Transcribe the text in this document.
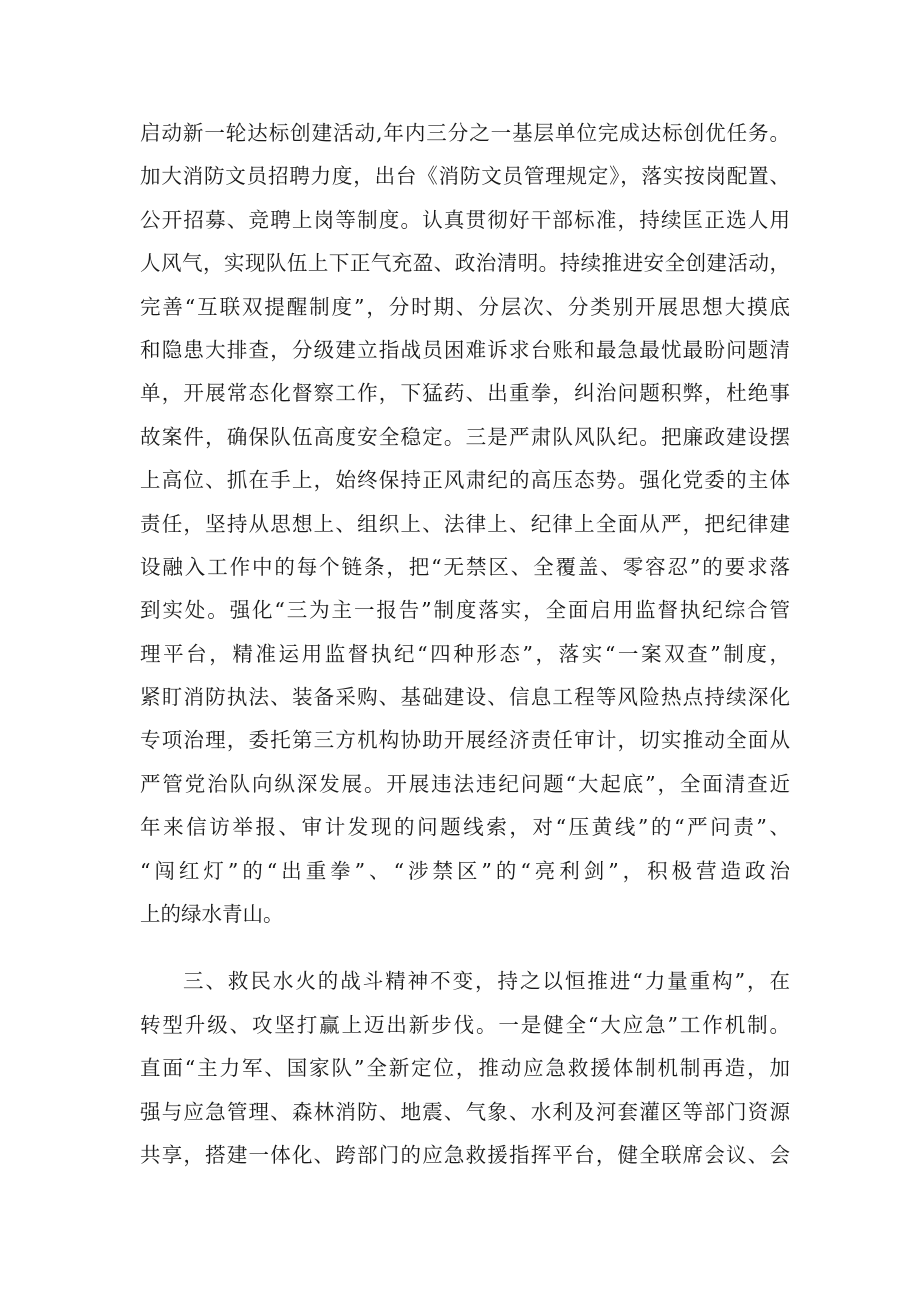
启动新一轮达标创建活动,年内三分之一基层单位完成达标创优任务。
加大消防文员招聘力度，出台《消防文员管理规定》，落实按岗配置、
公开招募、竞聘上岗等制度。认真贯彻好干部标准，持续匡正选人用
人风气，实现队伍上下正气充盈、政治清明。持续推进安全创建活动，
完善“互联双提醒制度”，分时期、分层次、分类别开展思想大摸底
和隐患大排查，分级建立指战员困难诉求台账和最急最忧最盼问题清
单，开展常态化督察工作，下猛药、出重拳，纠治问题积弊，杜绝事
故案件，确保队伍高度安全稳定。三是严肃队风队纪。把廉政建设摆
上高位、抓在手上，始终保持正风肃纪的高压态势。强化党委的主体
责任，坚持从思想上、组织上、法律上、纪律上全面从严，把纪律建
设融入工作中的每个链条，把“无禁区、全覆盖、零容忍”的要求落
到实处。强化“三为主一报告”制度落实，全面启用监督执纪综合管
理平台，精准运用监督执纪“四种形态”，落实“一案双查”制度，
紧盯消防执法、装备采购、基础建设、信息工程等风险热点持续深化
专项治理，委托第三方机构协助开展经济责任审计，切实推动全面从
严管党治队向纵深发展。开展违法违纪问题“大起底”，全面清查近
年来信访举报、审计发现的问题线索，对“压黄线”的“严问责”、
“闯红灯”的“出重拳”、“涉禁区”的“亮利剑”，积极营造政治
上的绿水青山。
三、救民水火的战斗精神不变，持之以恒推进“力量重构”，在
转型升级、攻坚打赢上迈出新步伐。一是健全“大应急”工作机制。
直面“主力军、国家队”全新定位，推动应急救援体制机制再造，加
强与应急管理、森林消防、地震、气象、水利及河套灌区等部门资源
共享，搭建一体化、跨部门的应急救援指挥平台，健全联席会议、会
